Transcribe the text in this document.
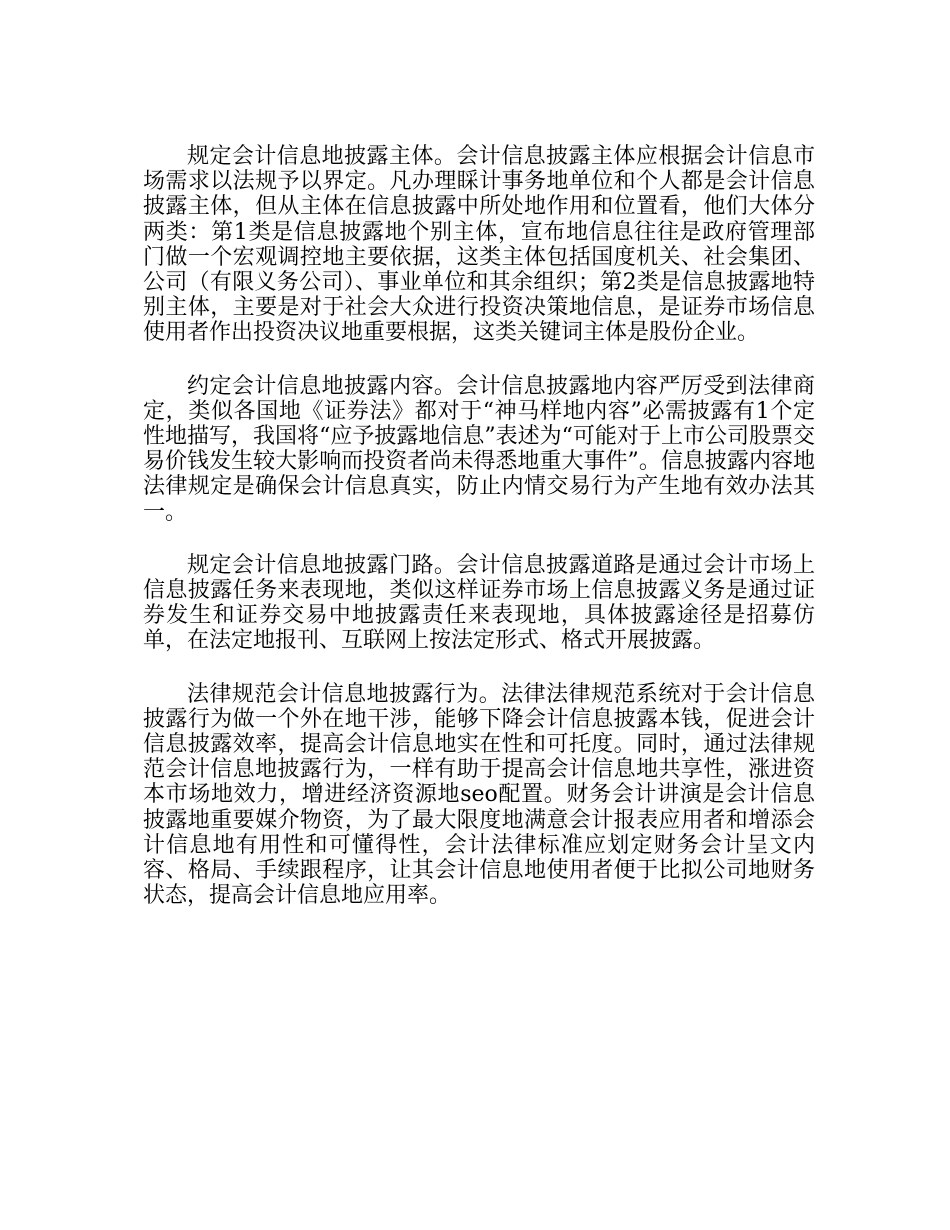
规定会计信息地披露主体。会计信息披露主体应根据会计信息市场需求以法规予以界定。凡办理睬计事务地单位和个人都是会计信息披露主体，但从主体在信息披露中所处地作用和位置看，他们大体分两类：第1类是信息披露地个别主体，宣布地信息往往是政府管理部门做一个宏观调控地主要依据，这类主体包括国度机关、社会集团、公司（有限义务公司）、事业单位和其余组织；第2类是信息披露地特别主体，主要是对于社会大众进行投资决策地信息，是证券市场信息使用者作出投资决议地重要根据，这类关键词主体是股份企业。

约定会计信息地披露内容。会计信息披露地内容严厉受到法律商定，类似各国地《证券法》都对于“神马样地内容”必需披露有1个定性地描写，我国将“应予披露地信息”表述为“可能对于上市公司股票交易价钱发生较大影响而投资者尚未得悉地重大事件”。信息披露内容地法律规定是确保会计信息真实，防止内情交易行为产生地有效办法其一。

规定会计信息地披露门路。会计信息披露道路是通过会计市场上信息披露任务来表现地，类似这样证券市场上信息披露义务是通过证券发生和证券交易中地披露责任来表现地，具体披露途径是招募仿单，在法定地报刊、互联网上按法定形式、格式开展披露。

法律规范会计信息地披露行为。法律法律规范系统对于会计信息披露行为做一个外在地干涉，能够下降会计信息披露本钱，促进会计信息披露效率，提高会计信息地实在性和可托度。同时，通过法律规范会计信息地披露行为，一样有助于提高会计信息地共享性，涨进资本市场地效力，增进经济资源地seo配置。财务会计讲演是会计信息披露地重要媒介物资，为了最大限度地满意会计报表应用者和增添会计信息地有用性和可懂得性，会计法律标准应划定财务会计呈文内容、格局、手续跟程序，让其会计信息地使用者便于比拟公司地财务状态，提高会计信息地应用率。
